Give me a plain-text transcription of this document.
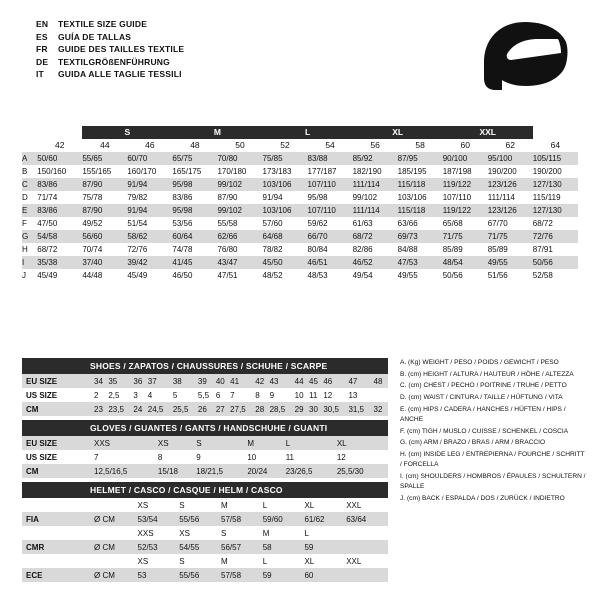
EN	TEXTILE SIZE GUIDE
ES	GUÍA DE TALLAS
FR	GUIDE DES TAILLES TEXTILE
DE	TEXTILGRÖßENFÜHRUNG
IT	GUIDA ALLE TAGLIE TESSILI
		S		M		L		XL		XXL		
	42	44	46	48	50	52	54	56	58	60	62	64
A	50/60	55/65	60/70	65/75	70/80	75/85	83/88	85/92	87/95	90/100	95/100	105/115
B	150/160	155/165	160/170	165/175	170/180	173/183	177/187	182/190	185/195	187/198	190/200	190/200
C	83/86	87/90	91/94	95/98	99/102	103/106	107/110	111/114	115/118	119/122	123/126	127/130
D	71/74	75/78	79/82	83/86	87/90	91/94	95/98	99/102	103/106	107/110	111/114	115/119
E	83/86	87/90	91/94	95/98	99/102	103/106	107/110	111/114	115/118	119/122	123/126	127/130
F	47/50	49/52	51/54	53/56	55/58	57/60	59/62	61/63	63/66	65/68	67/70	68/72
G	54/58	56/60	58/62	60/64	62/66	64/68	66/70	68/72	69/73	71/75	71/75	72/76
H	68/72	70/74	72/76	74/78	76/80	78/82	80/84	82/86	84/88	85/89	85/89	87/91
I	35/38	37/40	39/42	41/45	43/47	45/50	46/51	46/52	47/53	48/54	49/55	50/56
J	45/49	44/48	45/49	46/50	47/51	48/52	48/53	49/54	49/55	50/56	51/56	52/58
SHOES / ZAPATOS / CHAUSSURES / SCHUHE / SCARPE
EU SIZE	34	35	36	37	38	39	40	41	42	43	44	45	46	47	48
US SIZE	2	2,5	3	4	5	5,5	6	7	8	9	10	11	12	13	
CM	23	23,5	24	24,5	25,5	26	27	27,5	28	28,5	29	30	30,5	31,5	32
GLOVES / GUANTES / GANTS / HANDSCHUHE / GUANTI
EU SIZE	XXS	XS	S	M	L	XL
US SIZE	7	8	9	10	11	12
CM	12,5/16,5	15/18	18/21,5	20/24	23/26,5	25,5/30
HELMET / CASCO / CASQUE / HELM / CASCO
		XS	S	M	L	XL	XXL
FIA	Ø CM	53/54	55/56	57/58	59/60	61/62	63/64
		XXS	XS	S	M	L	
CMR	Ø CM	52/53	54/55	56/57	58	59	
		XS	S	M	L	XL	XXL
ECE	Ø CM	53	55/56	57/58	59	60	
A. (Kg) WEIGHT / PESO / POIDS / GEWICHT / PESO
B. (cm) HEIGHT / ALTURA / HAUTEUR / HÖHE / ALTEZZA
C. (cm) CHEST / PECHO / POITRINE / TRUHE / PETTO
D. (cm) WAIST / CINTURA / TAILLE / HÜFTUNG / VITA
E. (cm) HIPS / CADERA / HANCHES / HÜFTEN / HIPS / ANCHE
F. (cm) TIGH / MUSLO / CUISSE / SCHENKEL / COSCIA
G. (cm) ARM / BRAZO / BRAS / ARM / BRACCIO
H. (cm) INSIDE LEG / ENTREPIERNA / FOURCHE / SCHRITT / FORCELLA
I. (cm) SHOULDERS / HOMBROS / ÉPAULES / SCHULTERN / SPALLE
J. (cm) BACK / ESPALDA / DOS / ZURÜCK / INDIETRO
